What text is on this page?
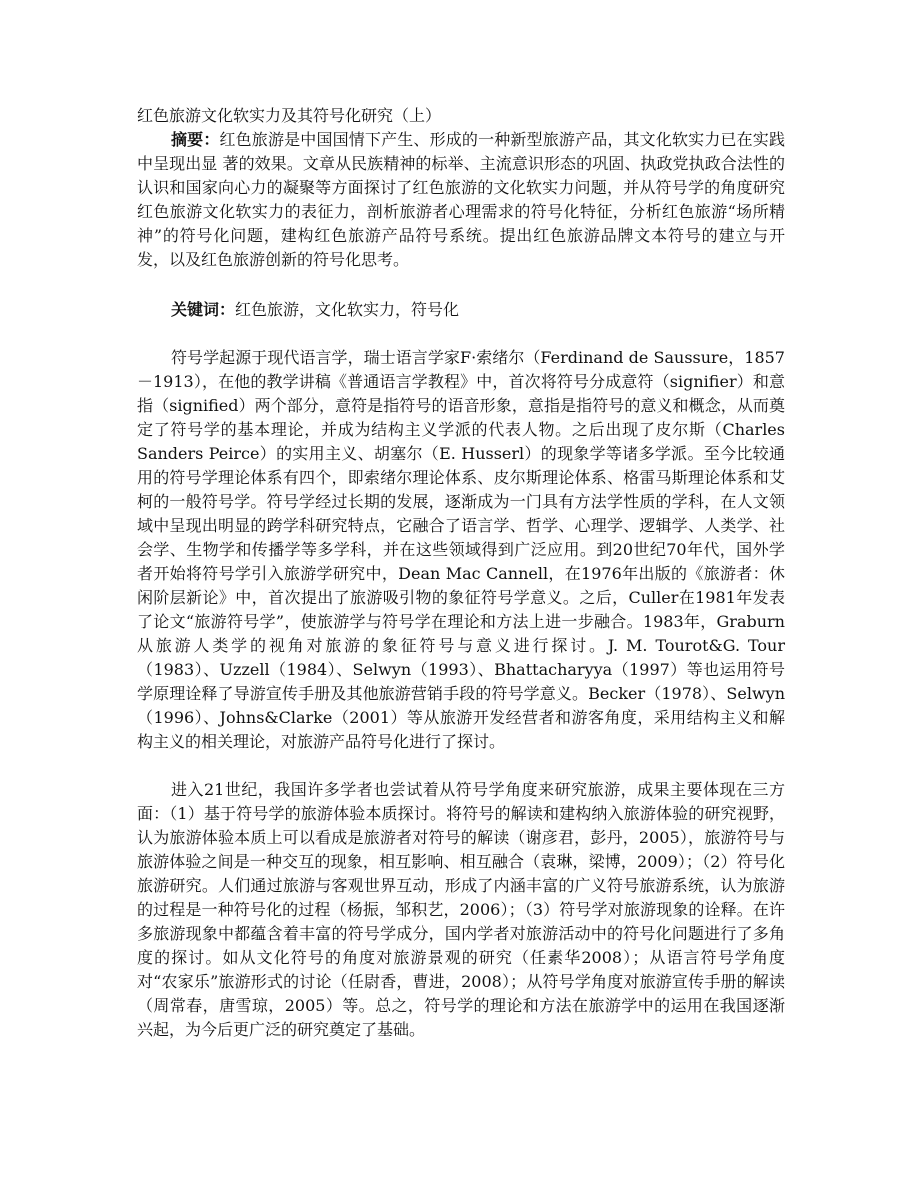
红色旅游文化软实力及其符号化研究（上）

摘要：红色旅游是中国国情下产生、形成的一种新型旅游产品，其文化软实力已在实践中呈现出显 著的效果。文章从民族精神的标举、主流意识形态的巩固、执政党执政合法性的认识和国家向心力的凝聚等方面探讨了红色旅游的文化软实力问题，并从符号学的角度研究红色旅游文化软实力的表征力，剖析旅游者心理需求的符号化特征，分析红色旅游“场所精神”的符号化问题，建构红色旅游产品符号系统。提出红色旅游品牌文本符号的建立与开发，以及红色旅游创新的符号化思考。

关键词：红色旅游，文化软实力，符号化

符号学起源于现代语言学，瑞士语言学家F·索绪尔（Ferdinand de Saussure，1857－1913），在他的教学讲稿《普通语言学教程》中，首次将符号分成意符（signifier）和意指（signified）两个部分，意符是指符号的语音形象，意指是指符号的意义和概念，从而奠定了符号学的基本理论，并成为结构主义学派的代表人物。之后出现了皮尔斯（Charles Sanders Peirce）的实用主义、胡塞尔（E. Husserl）的现象学等诸多学派。至今比较通用的符号学理论体系有四个，即索绪尔理论体系、皮尔斯理论体系、格雷马斯理论体系和艾柯的一般符号学。符号学经过长期的发展，逐渐成为一门具有方法学性质的学科，在人文领域中呈现出明显的跨学科研究特点，它融合了语言学、哲学、心理学、逻辑学、人类学、社会学、生物学和传播学等多学科，并在这些领域得到广泛应用。到20世纪70年代，国外学者开始将符号学引入旅游学研究中，Dean Mac Cannell，在1976年出版的《旅游者：休闲阶层新论》中，首次提出了旅游吸引物的象征符号学意义。之后，Culler在1981年发表了论文“旅游符号学”，使旅游学与符号学在理论和方法上进一步融合。1983年，Graburn从旅游人类学的视角对旅游的象征符号与意义进行探讨。J. M. Tourot&G. Tour（1983）、Uzzell（1984）、Selwyn（1993）、Bhattacharyya（1997）等也运用符号学原理诠释了导游宣传手册及其他旅游营销手段的符号学意义。Becker（1978）、Selwyn（1996）、Johns&Clarke（2001）等从旅游开发经营者和游客角度，采用结构主义和解构主义的相关理论，对旅游产品符号化进行了探讨。

进入21世纪，我国许多学者也尝试着从符号学角度来研究旅游，成果主要体现在三方面：（1）基于符号学的旅游体验本质探讨。将符号的解读和建构纳入旅游体验的研究视野，认为旅游体验本质上可以看成是旅游者对符号的解读（谢彦君，彭丹，2005），旅游符号与旅游体验之间是一种交互的现象，相互影响、相互融合（袁琳，梁博，2009）；（2）符号化旅游研究。人们通过旅游与客观世界互动，形成了内涵丰富的广义符号旅游系统，认为旅游的过程是一种符号化的过程（杨振，邹积艺，2006）；（3）符号学对旅游现象的诠释。在许多旅游现象中都蕴含着丰富的符号学成分，国内学者对旅游活动中的符号化问题进行了多角度的探讨。如从文化符号的角度对旅游景观的研究（任素华2008）；从语言符号学角度对“农家乐”旅游形式的讨论（任尉香，曹进，2008）；从符号学角度对旅游宣传手册的解读（周常春，唐雪琼，2005）等。总之，符号学的理论和方法在旅游学中的运用在我国逐渐兴起，为今后更广泛的研究奠定了基础。
